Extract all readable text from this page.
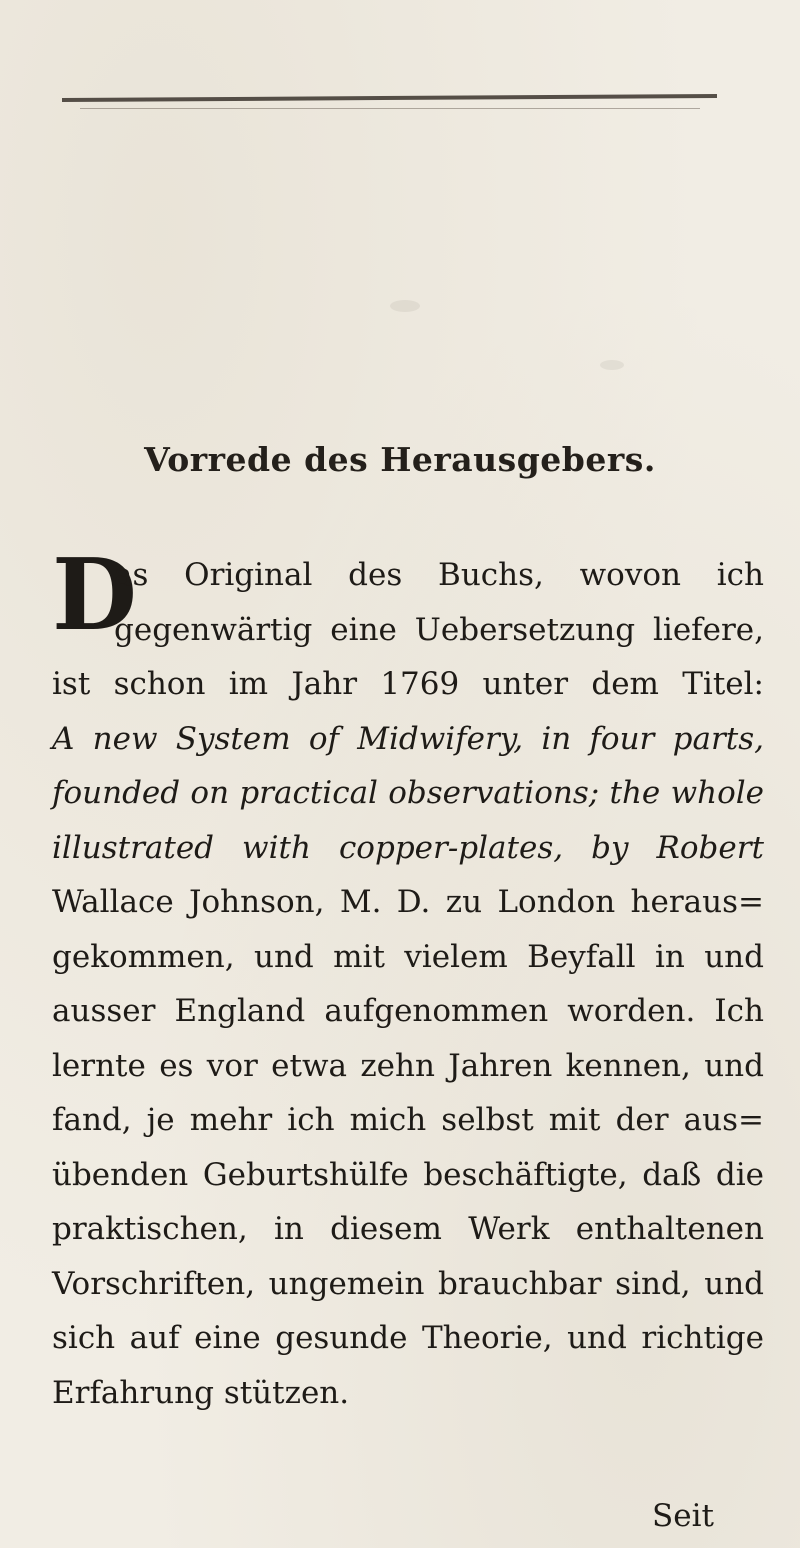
Vorrede des Herausgebers.
D
as Original des Buchs, wovon ich
gegenwärtig eine Uebersetzung liefere,
ist schon im Jahr 1769 unter dem Titel:
A new System of Midwifery, in four parts,
founded on practical observations; the whole
illustrated with copper-plates, by Robert
Wallace Johnson, M. D. zu London heraus=
gekommen, und mit vielem Beyfall in und
ausser England aufgenommen worden. Ich
lernte es vor etwa zehn Jahren kennen, und
fand, je mehr ich mich selbst mit der aus=
übenden Geburtshülfe beschäftigte, daß die
praktischen, in diesem Werk enthaltenen
Vorschriften, ungemein brauchbar sind, und
sich auf eine gesunde Theorie, und richtige
Erfahrung stützen.
Seit
